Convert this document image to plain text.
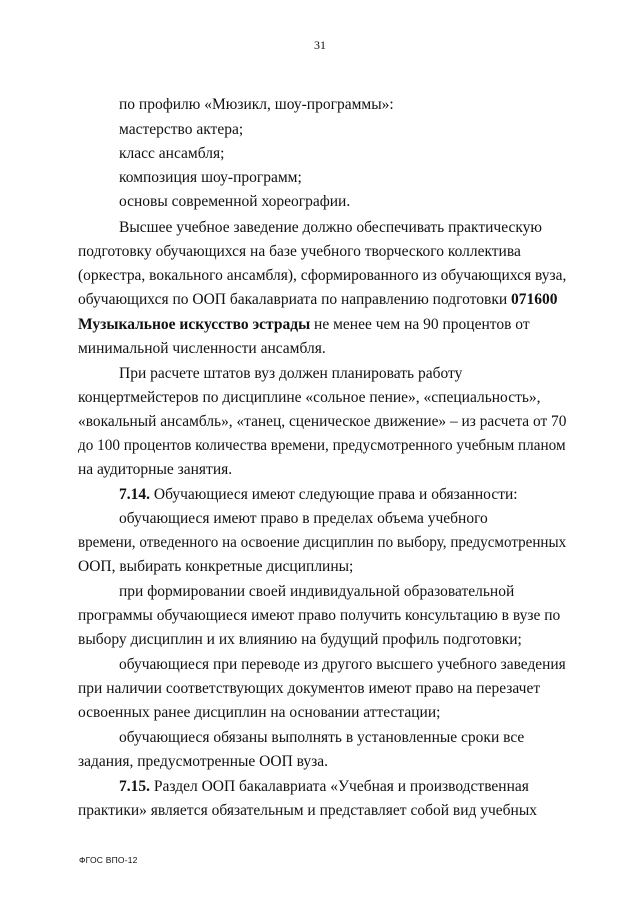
31
по профилю «Мюзикл, шоу-программы»:
мастерство актера;
класс ансамбля;
композиция шоу-программ;
основы современной хореографии.
Высшее учебное заведение должно обеспечивать практическую
подготовку обучающихся на базе учебного творческого коллектива
(оркестра, вокального ансамбля), сформированного из обучающихся вуза,
обучающихся по ООП бакалавриата по направлению подготовки 071600
Музыкальное искусство эстрады не менее чем на 90 процентов от
минимальной численности ансамбля.
При расчете штатов вуз должен планировать работу
концертмейстеров по дисциплине «сольное пение», «специальность»,
«вокальный ансамбль», «танец, сценическое движение» – из расчета от 70
до 100 процентов количества времени, предусмотренного учебным планом
на аудиторные занятия.
7.14. Обучающиеся имеют следующие права и обязанности:
обучающиеся имеют право в пределах объема учебного
времени, отведенного на освоение дисциплин по выбору, предусмотренных
ООП, выбирать конкретные дисциплины;
при формировании своей индивидуальной образовательной
программы обучающиеся имеют право получить консультацию в вузе по
выбору дисциплин и их влиянию на будущий профиль подготовки;
обучающиеся при переводе из другого высшего учебного заведения
при наличии соответствующих документов имеют право на перезачет
освоенных ранее дисциплин на основании аттестации;
обучающиеся обязаны выполнять в установленные сроки все
задания, предусмотренные ООП вуза.
7.15. Раздел ООП бакалавриата «Учебная и производственная
практики» является обязательным и представляет собой вид учебных
ФГОС ВПО-12
